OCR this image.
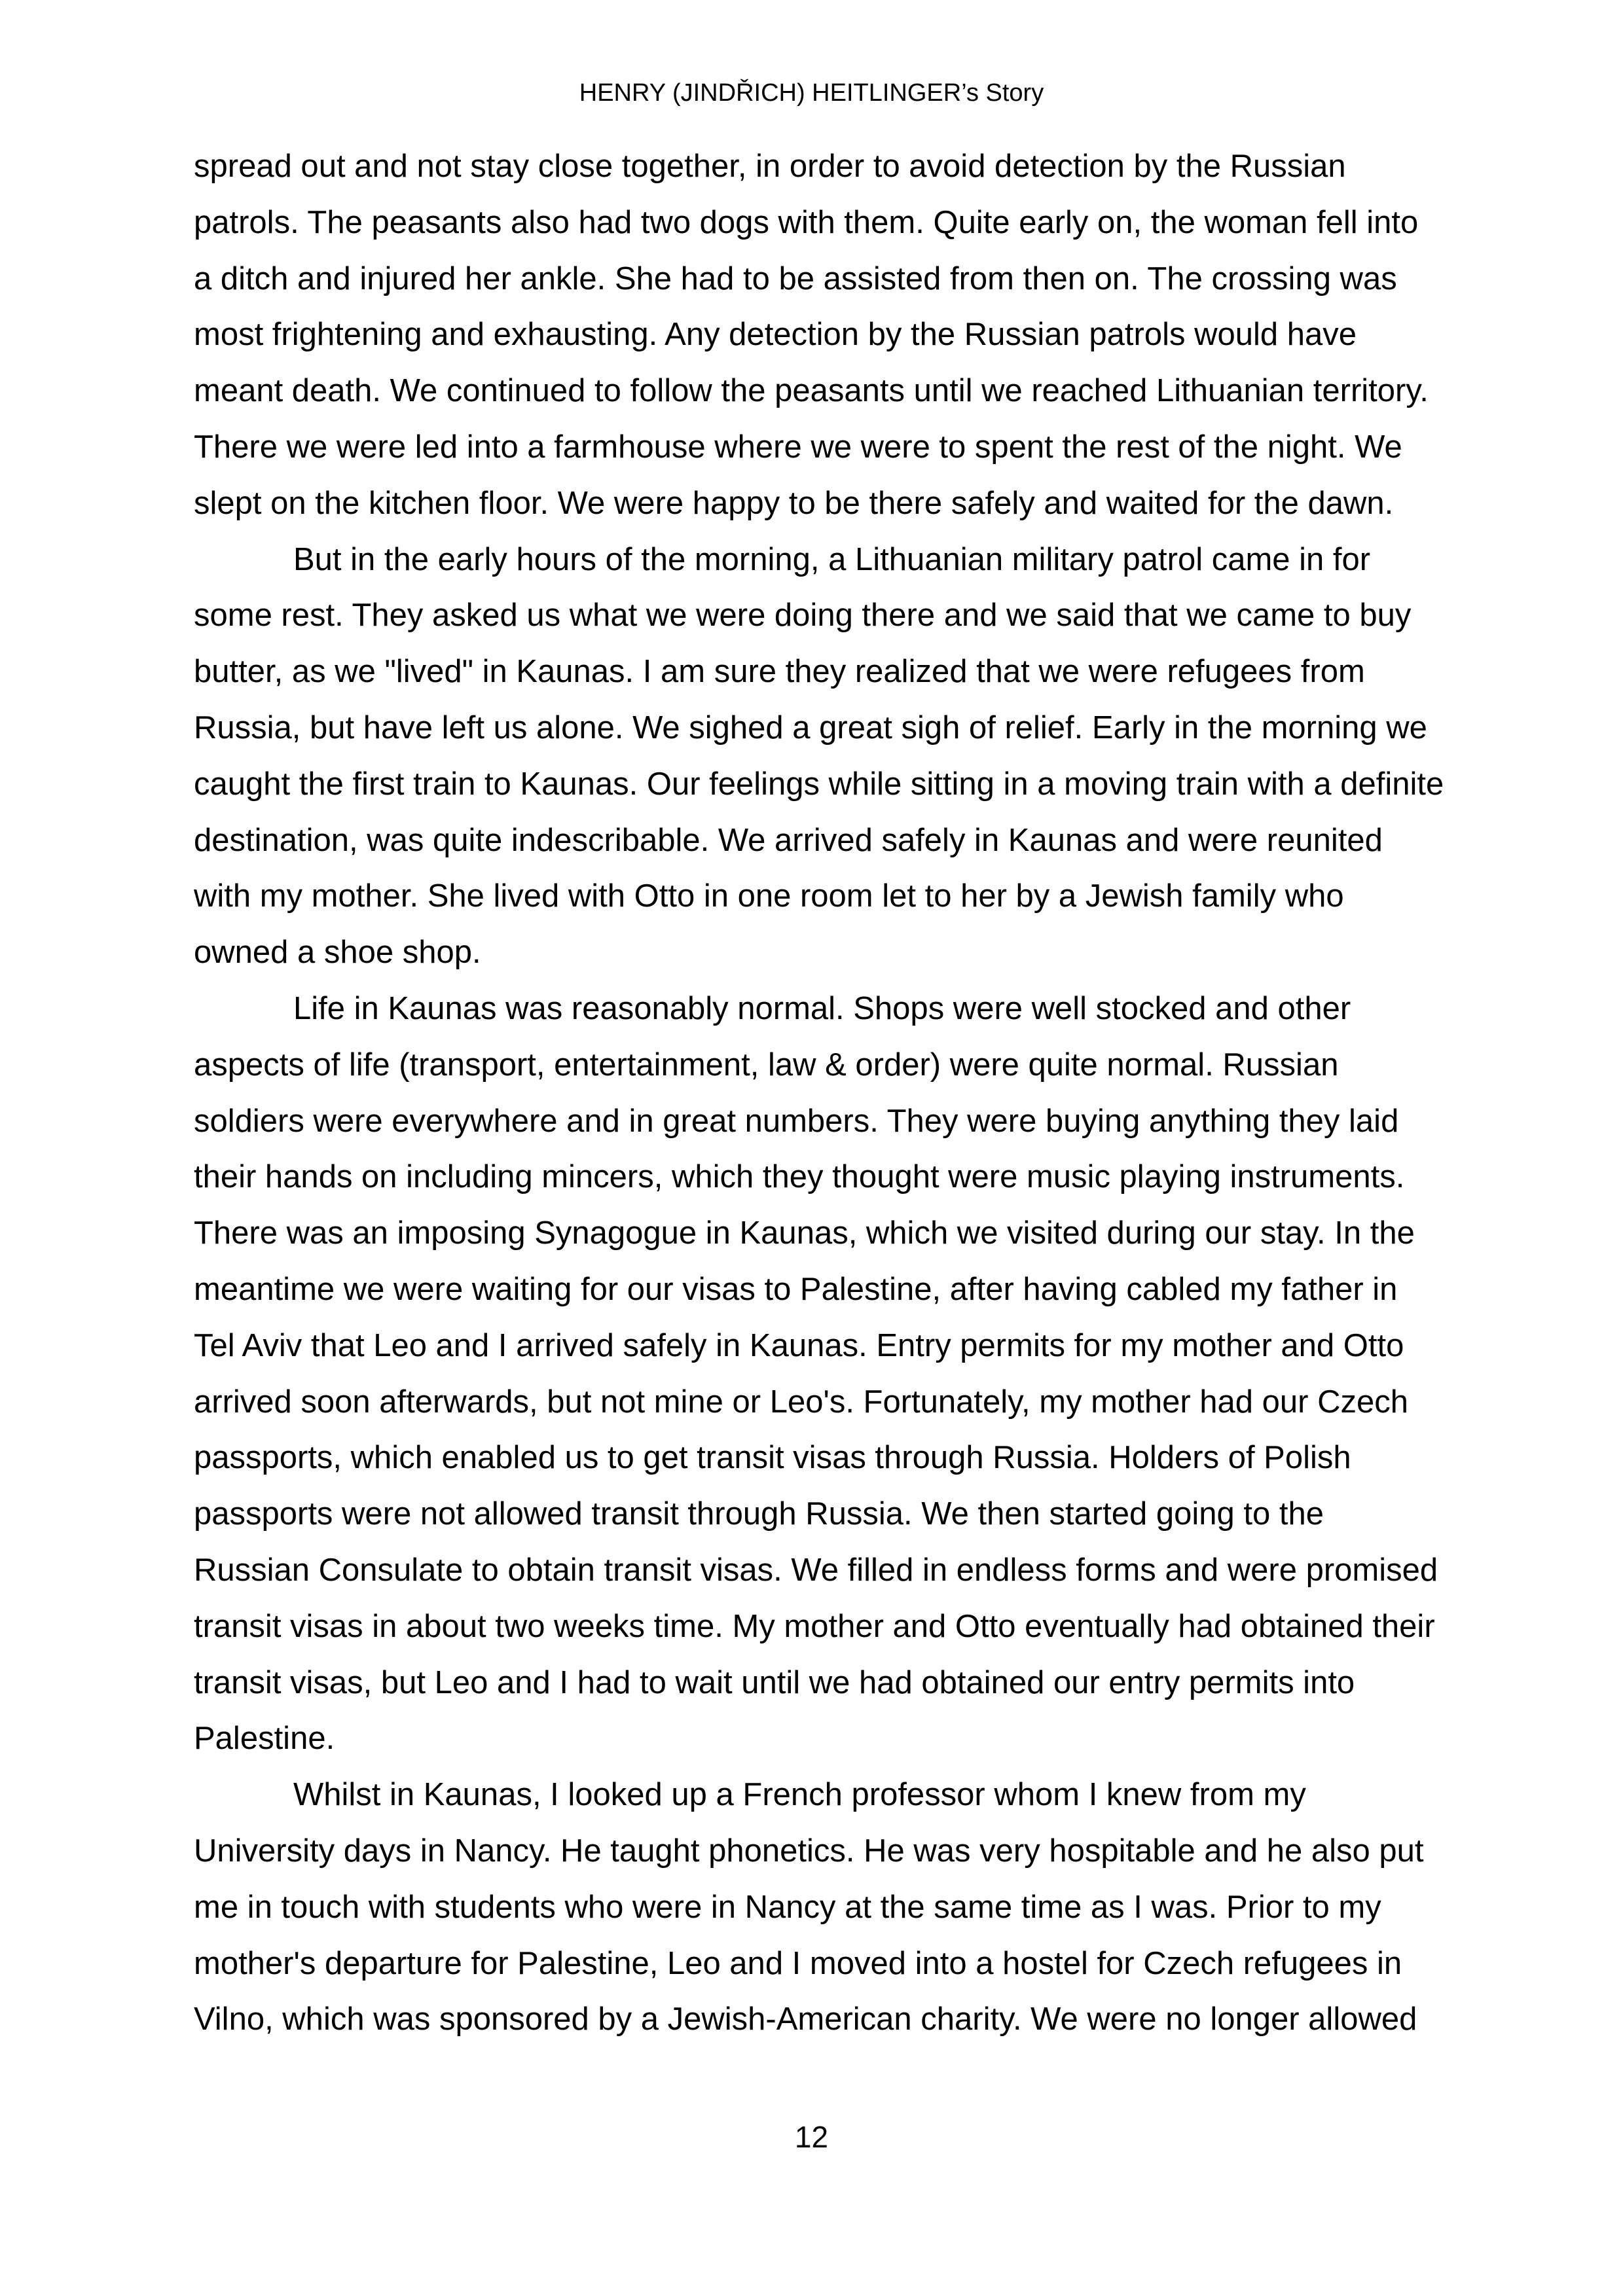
HENRY (JINDŘICH) HEITLINGER’s Story
spread out and not stay close together, in order to avoid detection by the Russian
patrols. The peasants also had two dogs with them. Quite early on, the woman fell into
a ditch and injured her ankle. She had to be assisted from then on. The crossing was
most frightening and exhausting. Any detection by the Russian patrols would have
meant death. We continued to follow the peasants until we reached Lithuanian territory.
There we were led into a farmhouse where we were to spent the rest of the night. We
slept on the kitchen floor. We were happy to be there safely and waited for the dawn.
But in the early hours of the morning, a Lithuanian military patrol came in for
some rest. They asked us what we were doing there and we said that we came to buy
butter, as we "lived" in Kaunas. I am sure they realized that we were refugees from
Russia, but have left us alone. We sighed a great sigh of relief. Early in the morning we
caught the first train to Kaunas. Our feelings while sitting in a moving train with a definite
destination, was quite indescribable. We arrived safely in Kaunas and were reunited
with my mother. She lived with Otto in one room let to her by a Jewish family who
owned a shoe shop.
Life in Kaunas was reasonably normal. Shops were well stocked and other
aspects of life (transport, entertainment, law & order) were quite normal. Russian
soldiers were everywhere and in great numbers. They were buying anything they laid
their hands on including mincers, which they thought were music playing instruments.
There was an imposing Synagogue in Kaunas, which we visited during our stay. In the
meantime we were waiting for our visas to Palestine, after having cabled my father in
Tel Aviv that Leo and I arrived safely in Kaunas. Entry permits for my mother and Otto
arrived soon afterwards, but not mine or Leo's. Fortunately, my mother had our Czech
passports, which enabled us to get transit visas through Russia. Holders of Polish
passports were not allowed transit through Russia. We then started going to the
Russian Consulate to obtain transit visas. We filled in endless forms and were promised
transit visas in about two weeks time. My mother and Otto eventually had obtained their
transit visas, but Leo and I had to wait until we had obtained our entry permits into
Palestine.
Whilst in Kaunas, I looked up a French professor whom I knew from my
University days in Nancy. He taught phonetics. He was very hospitable and he also put
me in touch with students who were in Nancy at the same time as I was. Prior to my
mother's departure for Palestine, Leo and I moved into a hostel for Czech refugees in
Vilno, which was sponsored by a Jewish-American charity. We were no longer allowed
12
